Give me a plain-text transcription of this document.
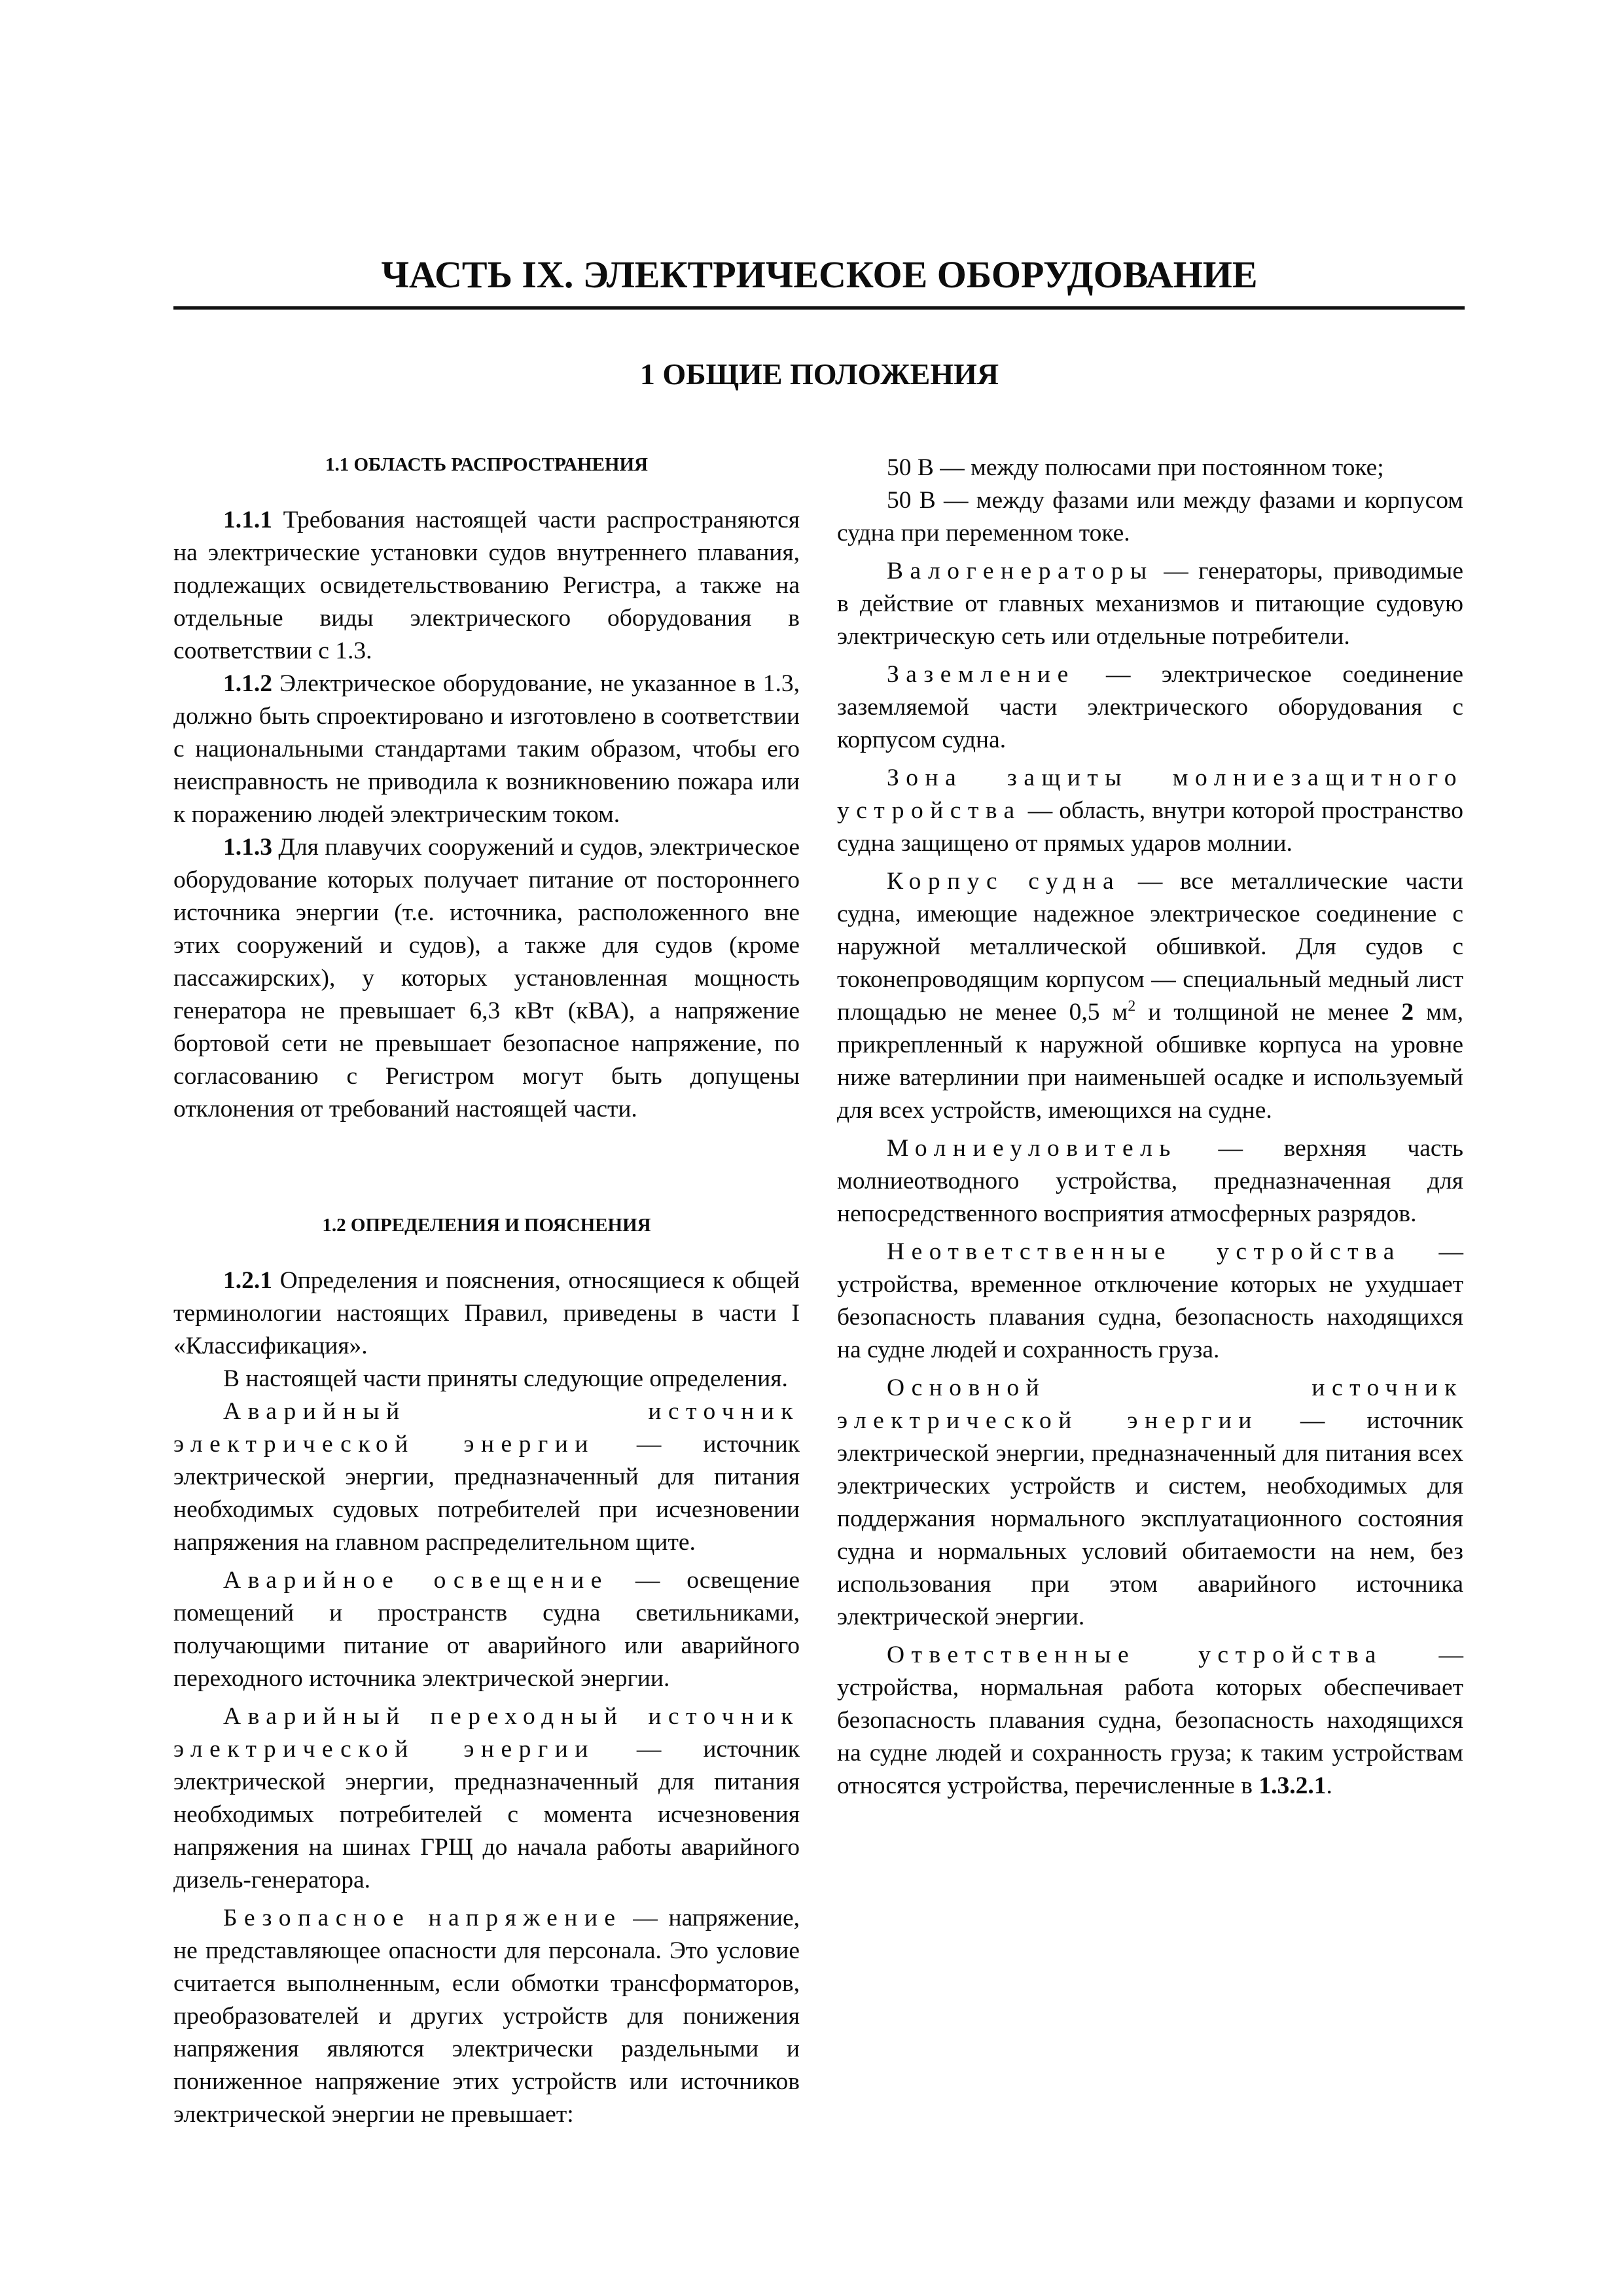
ЧАСТЬ IX. ЭЛЕКТРИЧЕСКОЕ ОБОРУДОВАНИЕ
1 ОБЩИЕ ПОЛОЖЕНИЯ
1.1 ОБЛАСТЬ РАСПРОСТРАНЕНИЯ

1.1.1 Требования настоящей части распространяются на электрические установки судов внутреннего плавания, подлежащих освидетельствованию Регистра, а также на отдельные виды электрического оборудования в соответствии с 1.3.

1.1.2 Электрическое оборудование, не указанное в 1.3, должно быть спроектировано и изготовлено в соответствии с национальными стандартами таким образом, чтобы его неисправность не приводила к возникновению пожара или к поражению людей электрическим током.

1.1.3 Для плавучих сооружений и судов, электрическое оборудование которых получает питание от постороннего источника энергии (т.е. источника, расположенного вне этих сооружений и судов), а также для судов (кроме пассажирских), у которых установленная мощность генератора не превышает 6,3 кВт (кВА), а напряжение бортовой сети не превышает безопасное напряжение, по согласованию с Регистром могут быть допущены отклонения от требований настоящей части.

1.2 ОПРЕДЕЛЕНИЯ И ПОЯСНЕНИЯ

1.2.1 Определения и пояснения, относящиеся к общей терминологии настоящих Правил, приведены в части I «Классификация».

В настоящей части приняты следующие определения.

Аварийный источник электрической энергии — источник электрической энергии, предназначенный для питания необходимых судовых потребителей при исчезновении напряжения на главном распределительном щите.

Аварийное освещение — освещение помещений и пространств судна светильниками, получающими питание от аварийного или аварийного переходного источника электрической энергии.

Аварийный переходный источник электрической энергии — источник электрической энергии, предназначенный для питания необходимых потребителей с момента исчезновения напряжения на шинах ГРЩ до начала работы аварийного дизель-генератора.

Безопасное напряжение — напряжение, не представляющее опасности для персонала. Это условие считается выполненным, если обмотки трансформаторов, преобразователей и других устройств для понижения напряжения являются электрически раздельными и пониженное напряжение этих устройств или источников электрической энергии не превышает:

50 В — между полюсами при постоянном токе;

50 В — между фазами или между фазами и корпусом судна при переменном токе.

Валогенераторы — генераторы, приводимые в действие от главных механизмов и питающие судовую электрическую сеть или отдельные потребители.

Заземление — электрическое соединение заземляемой части электрического оборудования с корпусом судна.

Зона защиты молниезащитного устройства — область, внутри которой пространство судна защищено от прямых ударов молнии.

Корпус судна — все металлические части судна, имеющие надежное электрическое соединение с наружной металлической обшивкой. Для судов с токонепроводящим корпусом — специальный медный лист площадью не менее 0,5 $м^2$ и толщиной не менее 2 мм, прикрепленный к наружной обшивке корпуса на уровне ниже ватерлинии при наименьшей осадке и используемый для всех устройств, имеющихся на судне.

Молниеуловитель — верхняя часть молниеотводного устройства, предназначенная для непосредственного восприятия атмосферных разрядов.

Неответственные устройства — устройства, временное отключение которых не ухудшает безопасность плавания судна, безопасность находящихся на судне людей и сохранность груза.

Основной источник электрической энергии — источник электрической энергии, предназначенный для питания всех электрических устройств и систем, необходимых для поддержания нормального эксплуатационного состояния судна и нормальных условий обитаемости на нем, без использования при этом аварийного источника электрической энергии.

Ответственные устройства — устройства, нормальная работа которых обеспечивает безопасность плавания судна, безопасность находящихся на судне людей и сохранность груза; к таким устройствам относятся устройства, перечисленные в 1.3.2.1.
